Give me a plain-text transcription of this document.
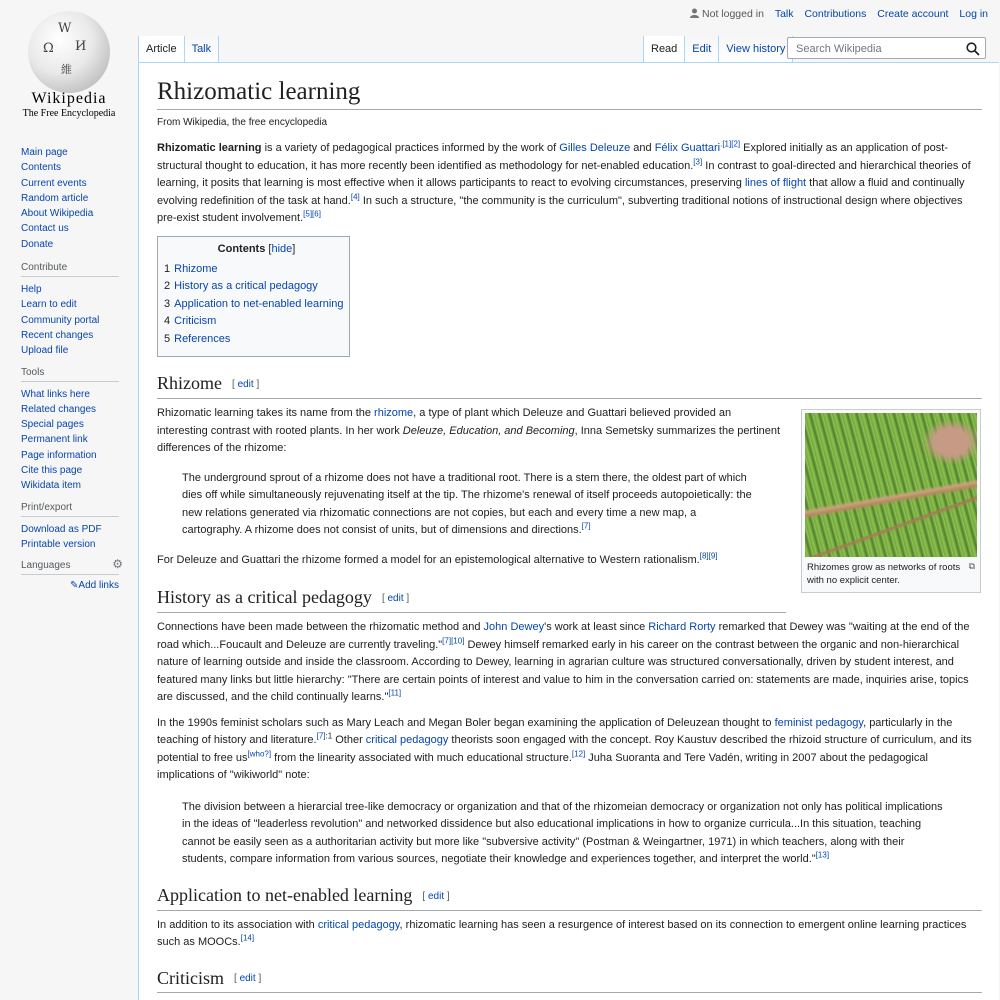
W
Ω И
維
Wikipedia
The Free Encyclopedia
Not logged in Talk Contributions Create account Log in
Article	Talk	Read	Edit	View history
Search Wikipedia
Main page
Contents
Current events
Random article
About Wikipedia
Contact us
Donate
Contribute
Help
Learn to edit
Community portal
Recent changes
Upload file
Tools
What links here
Related changes
Special pages
Permanent link
Page information
Cite this page
Wikidata item
Print/export
Download as PDF
Printable version
Languages	⚙
✎Add links
Rhizomatic learning
From Wikipedia, the free encyclopedia

Rhizomatic learning is a variety of pedagogical practices informed by the work of Gilles Deleuze and Félix Guattari$^{.[1][2]}$ Explored initially as an application of post-structural thought to education, it has more recently been identified as methodology for net-enabled education.[3] In contrast to goal-directed and hierarchical theories of learning, it posits that learning is most effective when it allows participants to react to evolving circumstances, preserving lines of flight that allow a fluid and continually evolving redefinition of the task at hand.[4] In such a structure, "the community is the curriculum", subverting traditional notions of instructional design where objectives pre-exist student involvement.[5][6]

Contents [hide]
1 Rhizome
2 History as a critical pedagogy
3 Application to net-enabled learning
4 Criticism
5 References
Rhizome [ edit ]
Rhizomes grow as networks of roots with no explicit center.
⧉

Rhizomatic learning takes its name from the rhizome, a type of plant which Deleuze and Guattari believed provided an interesting contrast with rooted plants. In her work Deleuze, Education, and Becoming, Inna Semetsky summarizes the pertinent differences of the rhizome:

The underground sprout of a rhizome does not have a traditional root. There is a stem there, the oldest part of which dies off while simultaneously rejuvenating itself at the tip. The rhizome's renewal of itself proceeds autopoietically: the new relations generated via rhizomatic connections are not copies, but each and every time a new map, a cartography. A rhizome does not consist of units, but of dimensions and directions.[7]

For Deleuze and Guattari the rhizome formed a model for an epistemological alternative to Western rationalism.[8][9]

History as a critical pedagogy [ edit ]

Connections have been made between the rhizomatic method and John Dewey's work at least since Richard Rorty remarked that Dewey was "waiting at the end of the road which...Foucault and Deleuze are currently traveling."[7][10] Dewey himself remarked early in his career on the contrast between the organic and non-hierarchical nature of learning outside and inside the classroom. According to Dewey, learning in agrarian culture was structured conversationally, driven by student interest, and featured many links but little hierarchy: "There are certain points of interest and value to him in the conversation carried on: statements are made, inquiries arise, topics are discussed, and the child continually learns."[11]

In the 1990s feminist scholars such as Mary Leach and Megan Boler began examining the application of Deleuzean thought to feminist pedagogy, particularly in the teaching of history and literature.$^{[7]:1}$ Other critical pedagogy theorists soon engaged with the concept. Roy Kaustuv described the rhizoid structure of curriculum, and its potential to free us[who?] from the linearity associated with much educational structure.[12] Juha Suoranta and Tere Vadén, writing in 2007 about the pedagogical implications of "wikiworld" note:

The division between a hierarcial tree-like democracy or organization and that of the rhizomeian democracy or organization not only has political implications in the ideas of "leaderless revolution" and networked dissidence but also educational implications in how to organize curricula...In this situation, teaching cannot be easily seen as a authoritarian activity but more like "subversive activity" (Postman & Weingartner, 1971) in which teachers, along with their students, compare information from various sources, negotiate their knowledge and experiences together, and interpret the world."[13]

Application to net-enabled learning [ edit ]

In addition to its association with critical pedagogy, rhizomatic learning has seen a resurgence of interest based on its connection to emergent online learning practices such as MOOCs.[14]

Criticism [ edit ]
